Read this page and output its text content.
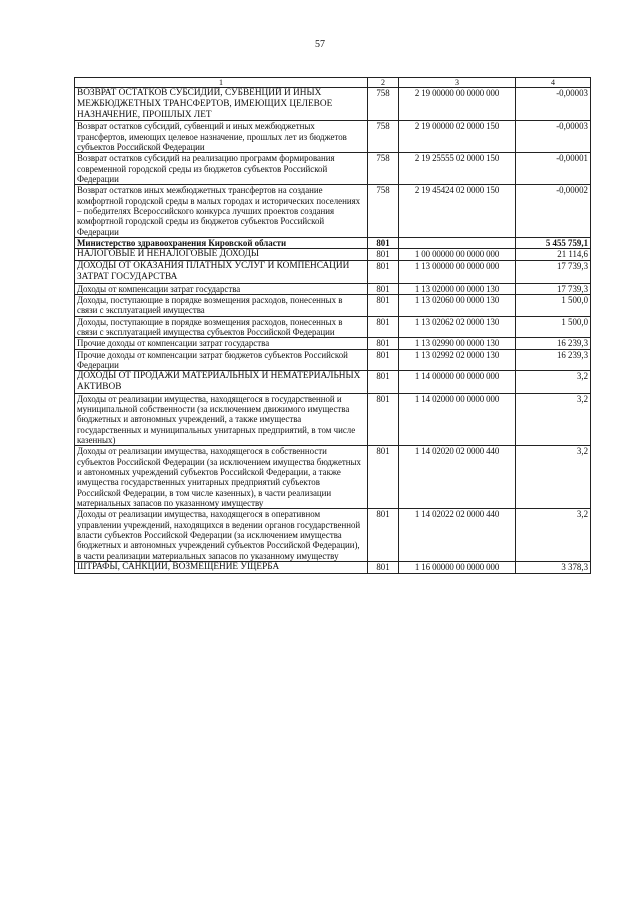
57
1	2	3	4
ВОЗВРАТ ОСТАТКОВ СУБСИДИЙ, СУБВЕНЦИЙ И ИНЫХ МЕЖБЮДЖЕТНЫХ ТРАНСФЕРТОВ, ИМЕЮЩИХ ЦЕЛЕВОЕ НАЗНАЧЕНИЕ, ПРОШЛЫХ ЛЕТ	758	2 19 00000 00 0000 000	-0,00003
Возврат остатков субсидий, субвенций и иных межбюджетных трансфертов, имеющих целевое назначение, прошлых лет из бюджетов субъектов Российской Федерации	758	2 19 00000 02 0000 150	-0,00003
Возврат остатков субсидий на реализацию программ формирования современной городской среды из бюджетов субъектов Российской Федерации	758	2 19 25555 02 0000 150	-0,00001
Возврат остатков иных межбюджетных трансфертов на создание комфортной городской среды в малых городах и исторических поселениях – победителях Всероссийского конкурса лучших проектов создания комфортной городской среды из бюджетов субъектов Российской Федерации	758	2 19 45424 02 0000 150	-0,00002
Министерство здравоохранения Кировской области	801		5 455 759,1
НАЛОГОВЫЕ И НЕНАЛОГОВЫЕ ДОХОДЫ	801	1 00 00000 00 0000 000	21 114,6
ДОХОДЫ ОТ ОКАЗАНИЯ ПЛАТНЫХ УСЛУГ И КОМПЕНСАЦИИ ЗАТРАТ ГОСУДАРСТВА	801	1 13 00000 00 0000 000	17 739,3
Доходы от компенсации затрат государства	801	1 13 02000 00 0000 130	17 739,3
Доходы, поступающие в порядке возмещения расходов, понесенных в связи с эксплуатацией имущества	801	1 13 02060 00 0000 130	1 500,0
Доходы, поступающие в порядке возмещения расходов, понесенных в связи с эксплуатацией имущества субъектов Российской Федерации	801	1 13 02062 02 0000 130	1 500,0
Прочие доходы от компенсации затрат государства	801	1 13 02990 00 0000 130	16 239,3
Прочие доходы от компенсации затрат бюджетов субъектов Российской Федерации	801	1 13 02992 02 0000 130	16 239,3
ДОХОДЫ ОТ ПРОДАЖИ МАТЕРИАЛЬНЫХ И НЕМАТЕРИАЛЬНЫХ АКТИВОВ	801	1 14 00000 00 0000 000	3,2
Доходы от реализации имущества, находящегося в государственной и муниципальной собственности (за исключением движимого имущества бюджетных и автономных учреждений, а также имущества государственных и муниципальных унитарных предприятий, в том числе казенных)	801	1 14 02000 00 0000 000	3,2
Доходы от реализации имущества, находящегося в собственности субъектов Российской Федерации (за исключением имущества бюджетных и автономных учреждений субъектов Российской Федерации, а также имущества государственных унитарных предприятий субъектов Российской Федерации, в том числе казенных), в части реализации материальных запасов по указанному имуществу	801	1 14 02020 02 0000 440	3,2
Доходы от реализации имущества, находящегося в оперативном управлении учреждений, находящихся в ведении органов государственной власти субъектов Российской Федерации (за исключением имущества бюджетных и автономных учреждений субъектов Российской Федерации), в части реализации материальных запасов по указанному имуществу	801	1 14 02022 02 0000 440	3,2
ШТРАФЫ, САНКЦИИ, ВОЗМЕЩЕНИЕ УЩЕРБА	801	1 16 00000 00 0000 000	3 378,3
